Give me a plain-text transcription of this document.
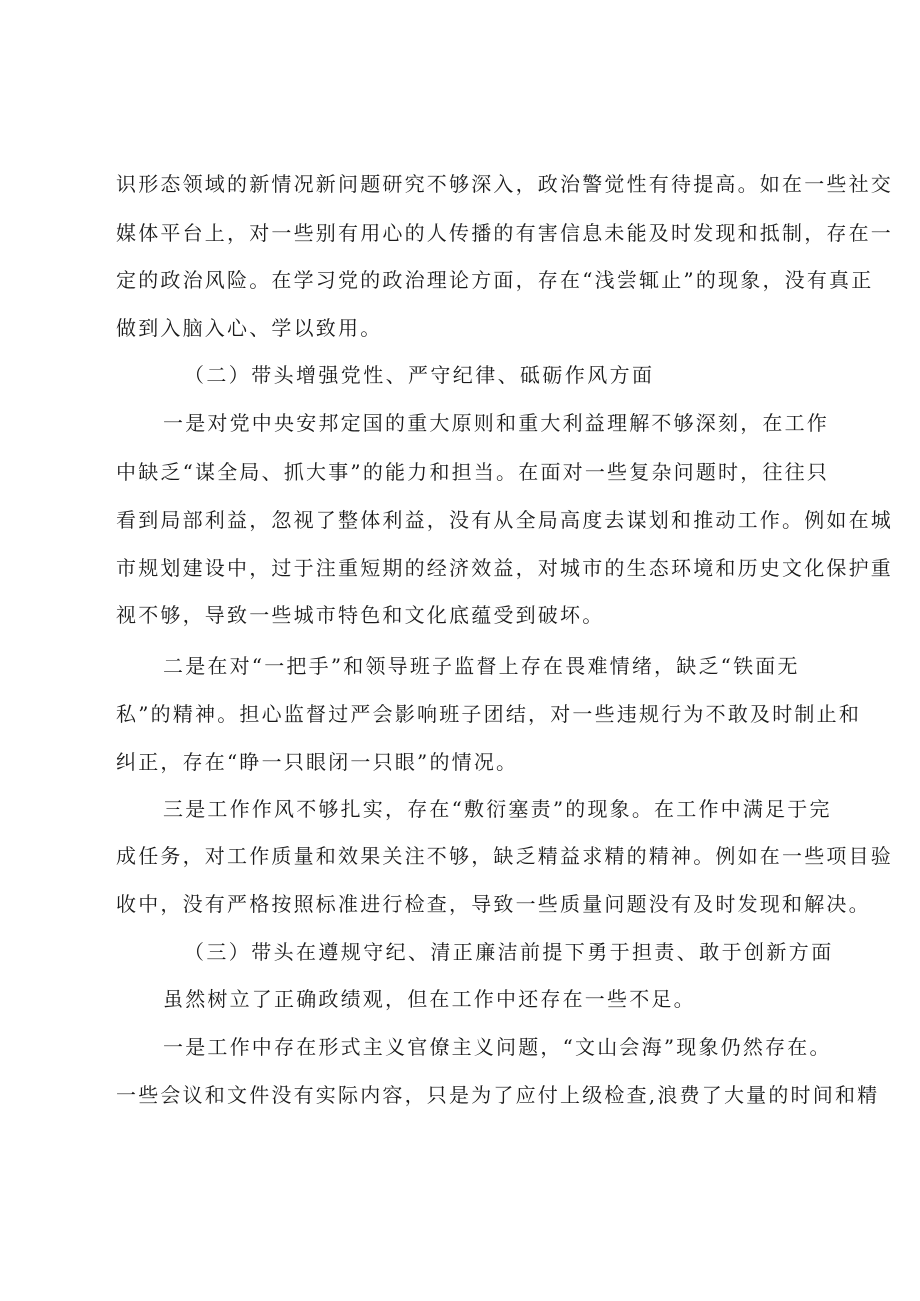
识形态领域的新情况新问题研究不够深入，政治警觉性有待提高。如在一些社交
媒体平台上，对一些别有用心的人传播的有害信息未能及时发现和抵制，存在一
定的政治风险。在学习党的政治理论方面，存在“浅尝辄止”的现象，没有真正
做到入脑入心、学以致用。
（二）带头增强党性、严守纪律、砥砺作风方面
一是对党中央安邦定国的重大原则和重大利益理解不够深刻，在工作
中缺乏“谋全局、抓大事”的能力和担当。在面对一些复杂问题时，往往只
看到局部利益，忽视了整体利益，没有从全局高度去谋划和推动工作。例如在城
市规划建设中，过于注重短期的经济效益，对城市的生态环境和历史文化保护重
视不够，导致一些城市特色和文化底蕴受到破坏。
二是在对“一把手”和领导班子监督上存在畏难情绪，缺乏“铁面无
私”的精神。担心监督过严会影响班子团结，对一些违规行为不敢及时制止和
纠正，存在“睁一只眼闭一只眼”的情况。
三是工作作风不够扎实，存在“敷衍塞责”的现象。在工作中满足于完
成任务，对工作质量和效果关注不够，缺乏精益求精的精神。例如在一些项目验
收中，没有严格按照标准进行检查，导致一些质量问题没有及时发现和解决。
（三）带头在遵规守纪、清正廉洁前提下勇于担责、敢于创新方面
虽然树立了正确政绩观，但在工作中还存在一些不足。
一是工作中存在形式主义官僚主义问题，“文山会海”现象仍然存在。
一些会议和文件没有实际内容，只是为了应付上级检查,浪费了大量的时间和精
